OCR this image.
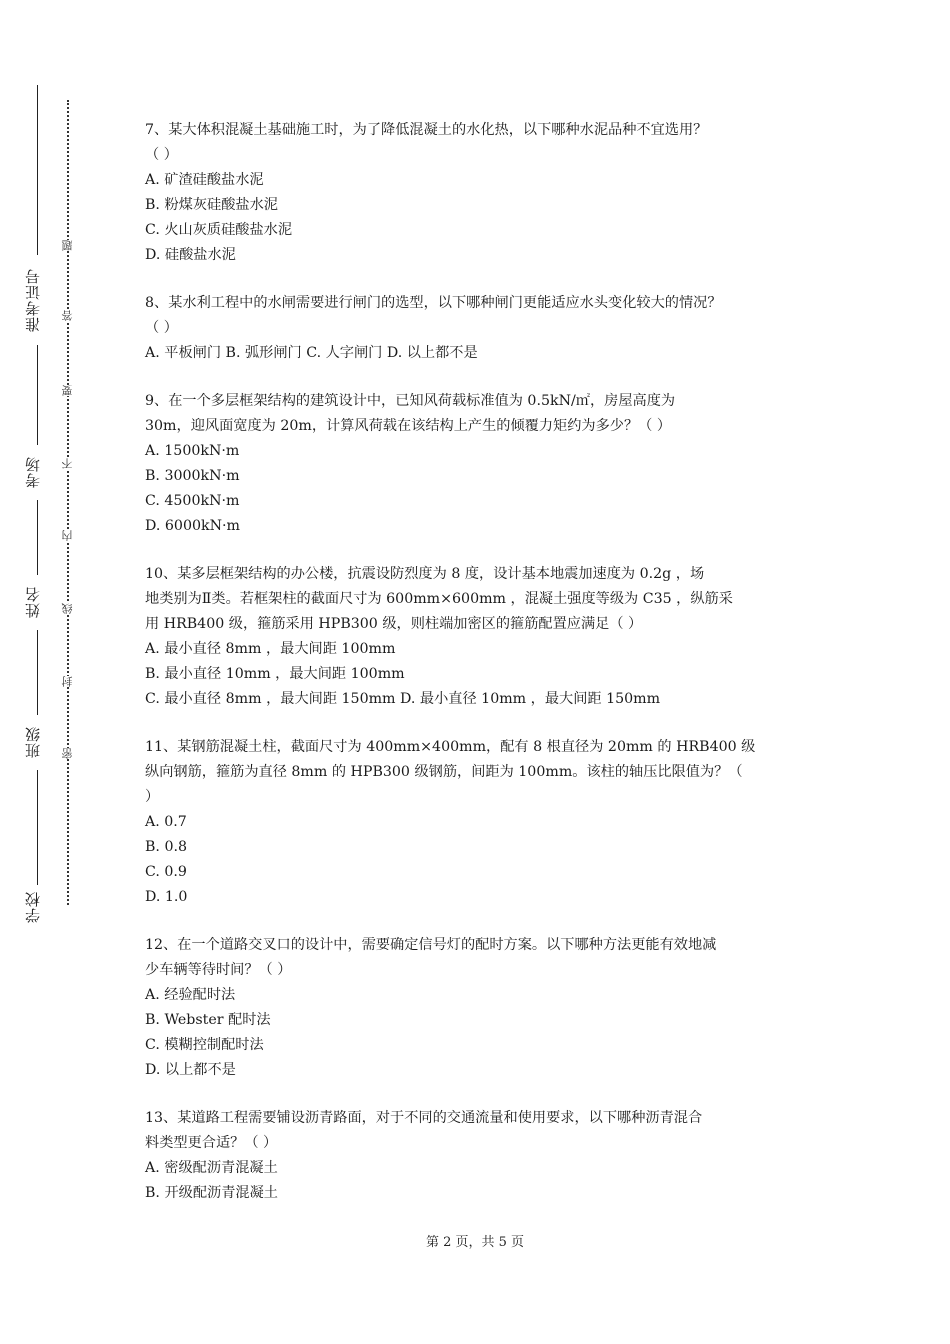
准考证号
考场
姓名
班级
学校
题
答
要
不
内
线
封
密
7、某大体积混凝土基础施工时，为了降低混凝土的水化热，以下哪种水泥品种不宜选用？
（ ）
A. 矿渣硅酸盐水泥
B. 粉煤灰硅酸盐水泥
C. 火山灰质硅酸盐水泥
D. 硅酸盐水泥
8、某水利工程中的水闸需要进行闸门的选型，以下哪种闸门更能适应水头变化较大的情况？
（ ）
A. 平板闸门 B. 弧形闸门 C. 人字闸门 D. 以上都不是
9、在一个多层框架结构的建筑设计中，已知风荷载标准值为 0.5kN/㎡，房屋高度为
30m，迎风面宽度为 20m，计算风荷载在该结构上产生的倾覆力矩约为多少？（ ）
A. 1500kN·m
B. 3000kN·m
C. 4500kN·m
D. 6000kN·m
10、某多层框架结构的办公楼，抗震设防烈度为 8 度，设计基本地震加速度为 0.2g ，场
地类别为Ⅱ类。若框架柱的截面尺寸为 600mm×600mm ，混凝土强度等级为 C35 ，纵筋采
用 HRB400 级，箍筋采用 HPB300 级，则柱端加密区的箍筋配置应满足（ ）
A. 最小直径 8mm ，最大间距 100mm
B. 最小直径 10mm ，最大间距 100mm
C. 最小直径 8mm ，最大间距 150mm D. 最小直径 10mm ，最大间距 150mm
11、某钢筋混凝土柱，截面尺寸为 400mm×400mm，配有 8 根直径为 20mm 的 HRB400 级
纵向钢筋，箍筋为直径 8mm 的 HPB300 级钢筋，间距为 100mm。该柱的轴压比限值为？（
）
A. 0.7
B. 0.8
C. 0.9
D. 1.0
12、在一个道路交叉口的设计中，需要确定信号灯的配时方案。以下哪种方法更能有效地减
少车辆等待时间？（ ）
A. 经验配时法
B. Webster 配时法
C. 模糊控制配时法
D. 以上都不是
13、某道路工程需要铺设沥青路面，对于不同的交通流量和使用要求，以下哪种沥青混合
料类型更合适？（ ）
A. 密级配沥青混凝土
B. 开级配沥青混凝土
第 2 页，共 5 页
